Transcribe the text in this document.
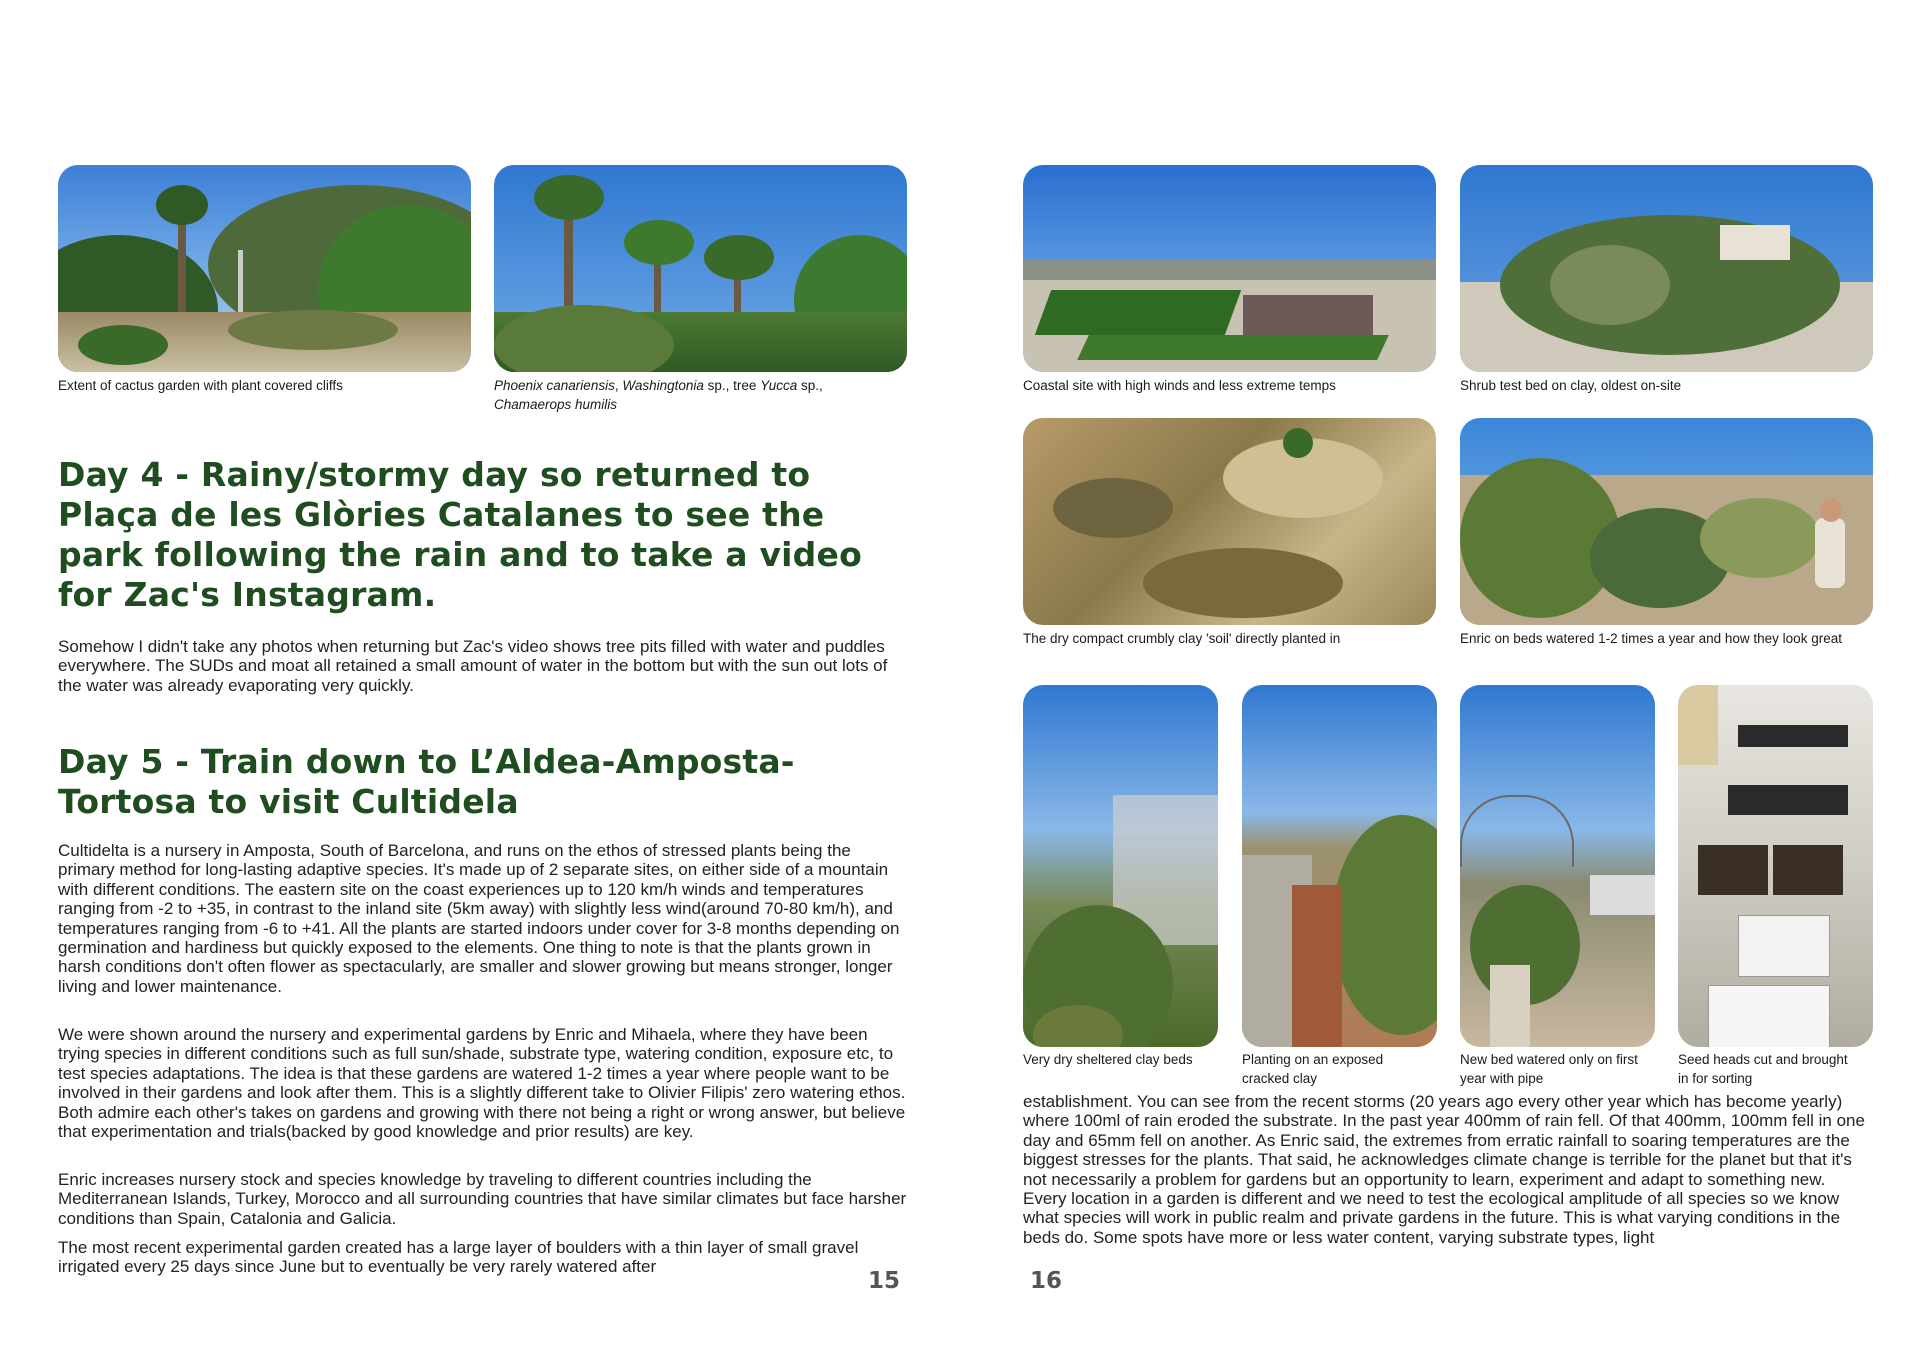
Extent of cactus garden with plant covered cliffs	Phoenix canariensis, Washingtonia sp., tree Yucca sp.,
Chamaerops humilis
Day 4 - Rainy/stormy day so returned to Plaça de les Glòries Catalanes to see the park following the rain and to take a video for Zac's Instagram.

Somehow I didn't take any photos when returning but Zac's video shows tree pits filled with water and puddles everywhere. The SUDs and moat all retained a small amount of water in the bottom but with the sun out lots of the water was already evaporating very quickly.

Day 5 - Train down to L’Aldea-Amposta-Tortosa to visit Cultidela

Cultidelta is a nursery in Amposta, South of Barcelona, and runs on the ethos of stressed plants being the primary method for long-lasting adaptive species. It's made up of 2 separate sites, on either side of a mountain with different conditions. The eastern site on the coast experiences up to 120 km/h winds and temperatures ranging from -2 to +35, in contrast to the inland site (5km away) with slightly less wind(around 70-80 km/h), and temperatures ranging from -6 to +41. All the plants are started indoors under cover for 3-8 months depending on germination and hardiness but quickly exposed to the elements. One thing to note is that the plants grown in harsh conditions don't often flower as spectacularly, are smaller and slower growing but means stronger, longer living and lower maintenance.

We were shown around the nursery and experimental gardens by Enric and Mihaela, where they have been trying species in different conditions such as full sun/shade, substrate type, watering condition, exposure etc, to test species adaptations. The idea is that these gardens are watered 1-2 times a year where people want to be involved in their gardens and look after them. This is a slightly different take to Olivier Filipis' zero watering ethos. Both admire each other's takes on gardens and growing with there not being a right or wrong answer, but believe that experimentation and trials(backed by good knowledge and prior results) are key.

Enric increases nursery stock and species knowledge by traveling to different countries including the Mediterranean Islands, Turkey, Morocco and all surrounding countries that have similar climates but face harsher conditions than Spain, Catalonia and Galicia.

The most recent experimental garden created has a large layer of boulders with a thin layer of small gravel irrigated every 25 days since June but to eventually be very rarely watered after

15
Coastal site with high winds and less extreme temps	Shrub test bed on clay, oldest on-site
The dry compact crumbly clay 'soil' directly planted in	Enric on beds watered 1-2 times a year and how they look great
Very dry sheltered clay beds	Planting on an exposed
cracked clay
New bed watered only on first
year with pipe
Seed heads cut and brought
in for sorting

establishment. You can see from the recent storms (20 years ago every other year which has become yearly) where 100ml of rain eroded the substrate. In the past year 400mm of rain fell. Of that 400mm, 100mm fell in one day and 65mm fell on another. As Enric said, the extremes from erratic rainfall to soaring temperatures are the biggest stresses for the plants. That said, he acknowledges climate change is terrible for the planet but that it's not necessarily a problem for gardens but an opportunity to learn, experiment and adapt to something new. Every location in a garden is different and we need to test the ecological amplitude of all species so we know what species will work in public realm and private gardens in the future. This is what varying conditions in the beds do. Some spots have more or less water content, varying substrate types, light

16
